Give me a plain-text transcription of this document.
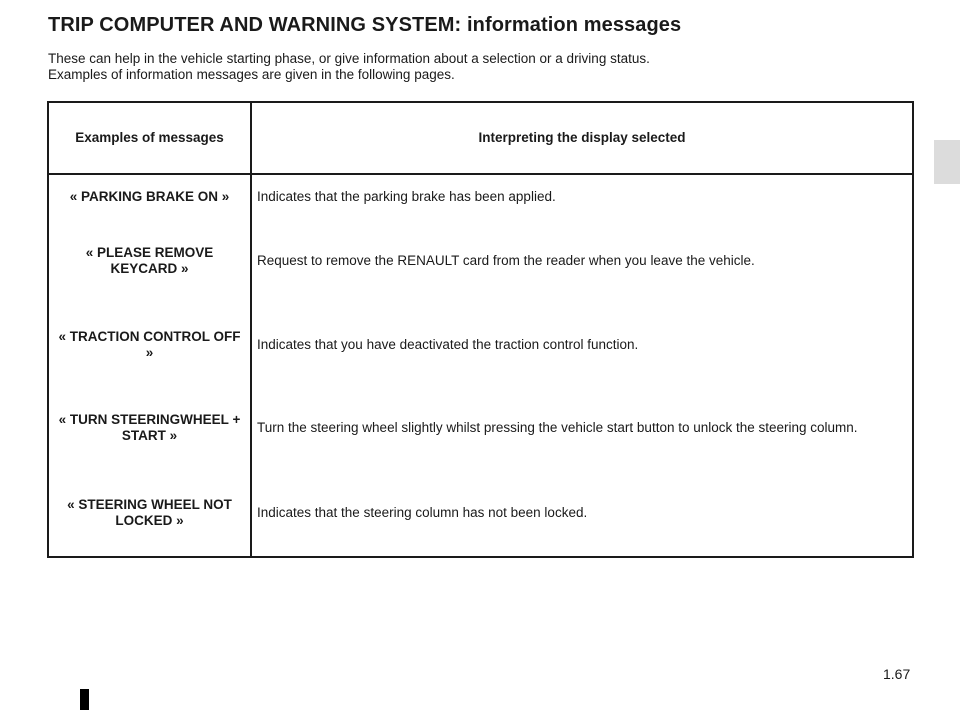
TRIP COMPUTER AND WARNING SYSTEM: information messages
These can help in the vehicle starting phase, or give information about a selection or a driving status.
Examples of information messages are given in the following pages.
Examples of messages	Interpreting the display selected
« PARKING BRAKE ON »	Indicates that the parking brake has been applied.
« PLEASE REMOVE KEYCARD »	Request to remove the RENAULT card from the reader when you leave the vehicle.
« TRACTION CONTROL OFF »	Indicates that you have deactivated the traction control function.
« TURN STEERINGWHEEL + START »	Turn the steering wheel slightly whilst pressing the vehicle start button to unlock the steering column.
« STEERING WHEEL NOT LOCKED »	Indicates that the steering column has not been locked.
1.67
